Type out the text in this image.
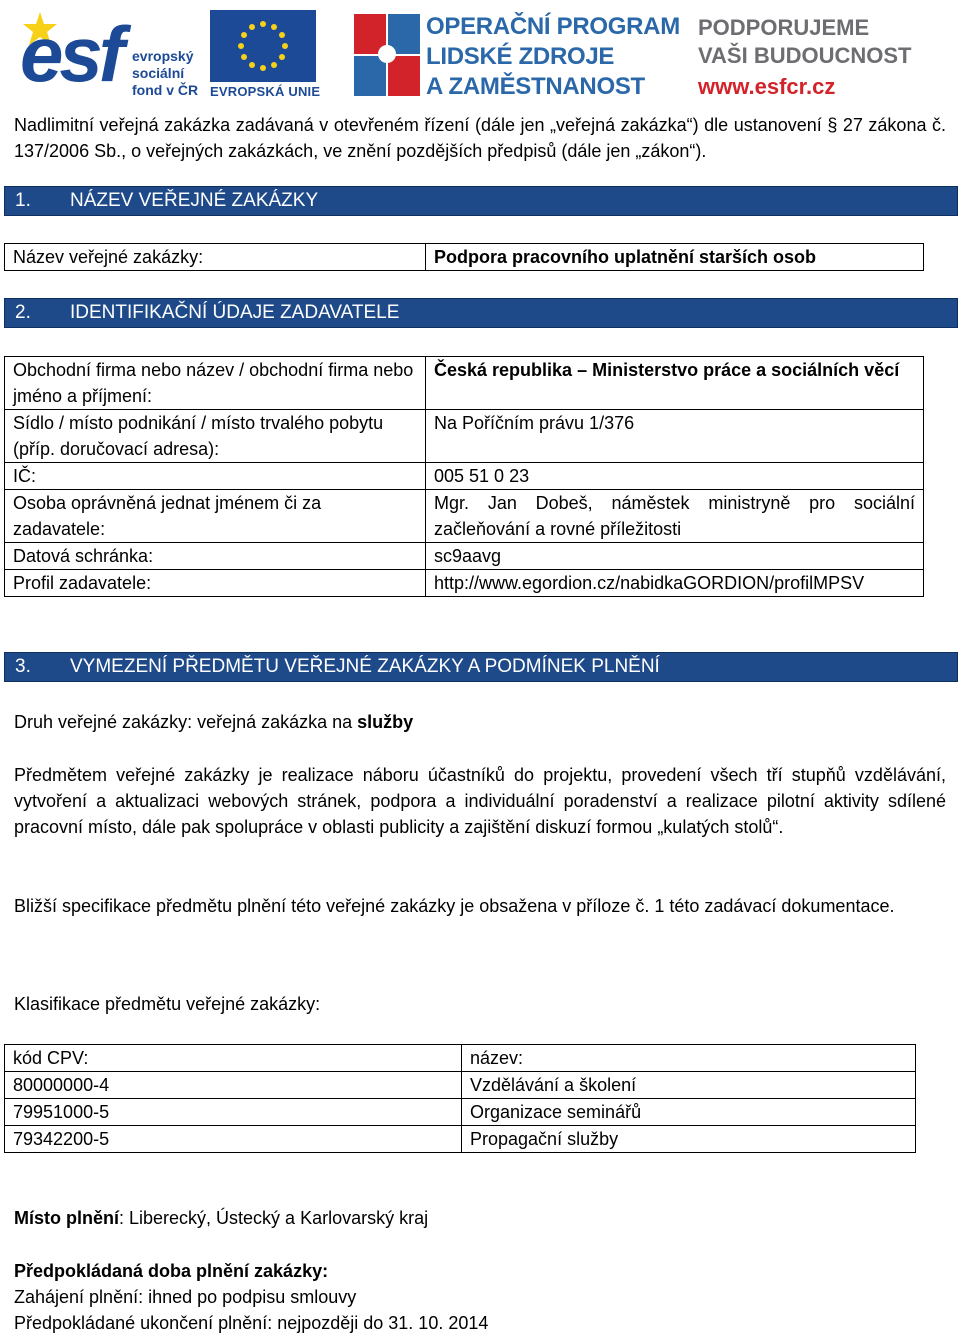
esf evropský
sociální
fond v ČR EVROPSKÁ UNIE
OPERAČNÍ PROGRAM
LIDSKÉ ZDROJE
A ZAMĚSTNANOST
PODPORUJEME
VAŠI BUDOUCNOST
www.esfcr.cz

Nadlimitní veřejná zakázka zadávaná v otevřeném řízení (dále jen „veřejná zakázka“) dle ustanovení § 27 zákona č. 137/2006 Sb., o veřejných zakázkách, ve znění pozdějších předpisů (dále jen „zákon“).

1. NÁZEV VEŘEJNÉ ZAKÁZKY
Název veřejné zakázky:	Podpora pracovního uplatnění starších osob
2. IDENTIFIKAČNÍ ÚDAJE ZADAVATELE
Obchodní firma nebo název / obchodní firma nebo jméno a příjmení:	Česká republika – Ministerstvo práce a sociálních věcí
Sídlo / místo podnikání / místo trvalého pobytu (příp. doručovací adresa):	Na Poříčním právu 1/376
IČ:	005 51 0 23
Osoba oprávněná jednat jménem či za zadavatele:	Mgr. Jan Dobeš, náměstek ministryně pro sociální začleňování a rovné příležitosti
Datová schránka:	sc9aavg
Profil zadavatele:	http://www.egordion.cz/nabidkaGORDION/profilMPSV
3. VYMEZENÍ PŘEDMĚTU VEŘEJNÉ ZAKÁZKY A PODMÍNEK PLNĚNÍ

Druh veřejné zakázky: veřejná zakázka na služby

Předmětem veřejné zakázky je realizace náboru účastníků do projektu, provedení všech tří stupňů vzdělávání, vytvoření a aktualizaci webových stránek, podpora a individuální poradenství a realizace pilotní aktivity sdílené pracovní místo, dále pak spolupráce v oblasti publicity a zajištění diskuzí formou „kulatých stolů“.

Bližší specifikace předmětu plnění této veřejné zakázky je obsažena v příloze č. 1 této zadávací dokumentace.

Klasifikace předmětu veřejné zakázky:

kód CPV:	název:
80000000-4	Vzdělávání a školení
79951000-5	Organizace seminářů
79342200-5	Propagační služby

Místo plnění: Liberecký, Ústecký a Karlovarský kraj

Předpokládaná doba plnění zakázky:

Zahájení plnění: ihned po podpisu smlouvy

Předpokládané ukončení plnění: nejpozději do 31. 10. 2014
